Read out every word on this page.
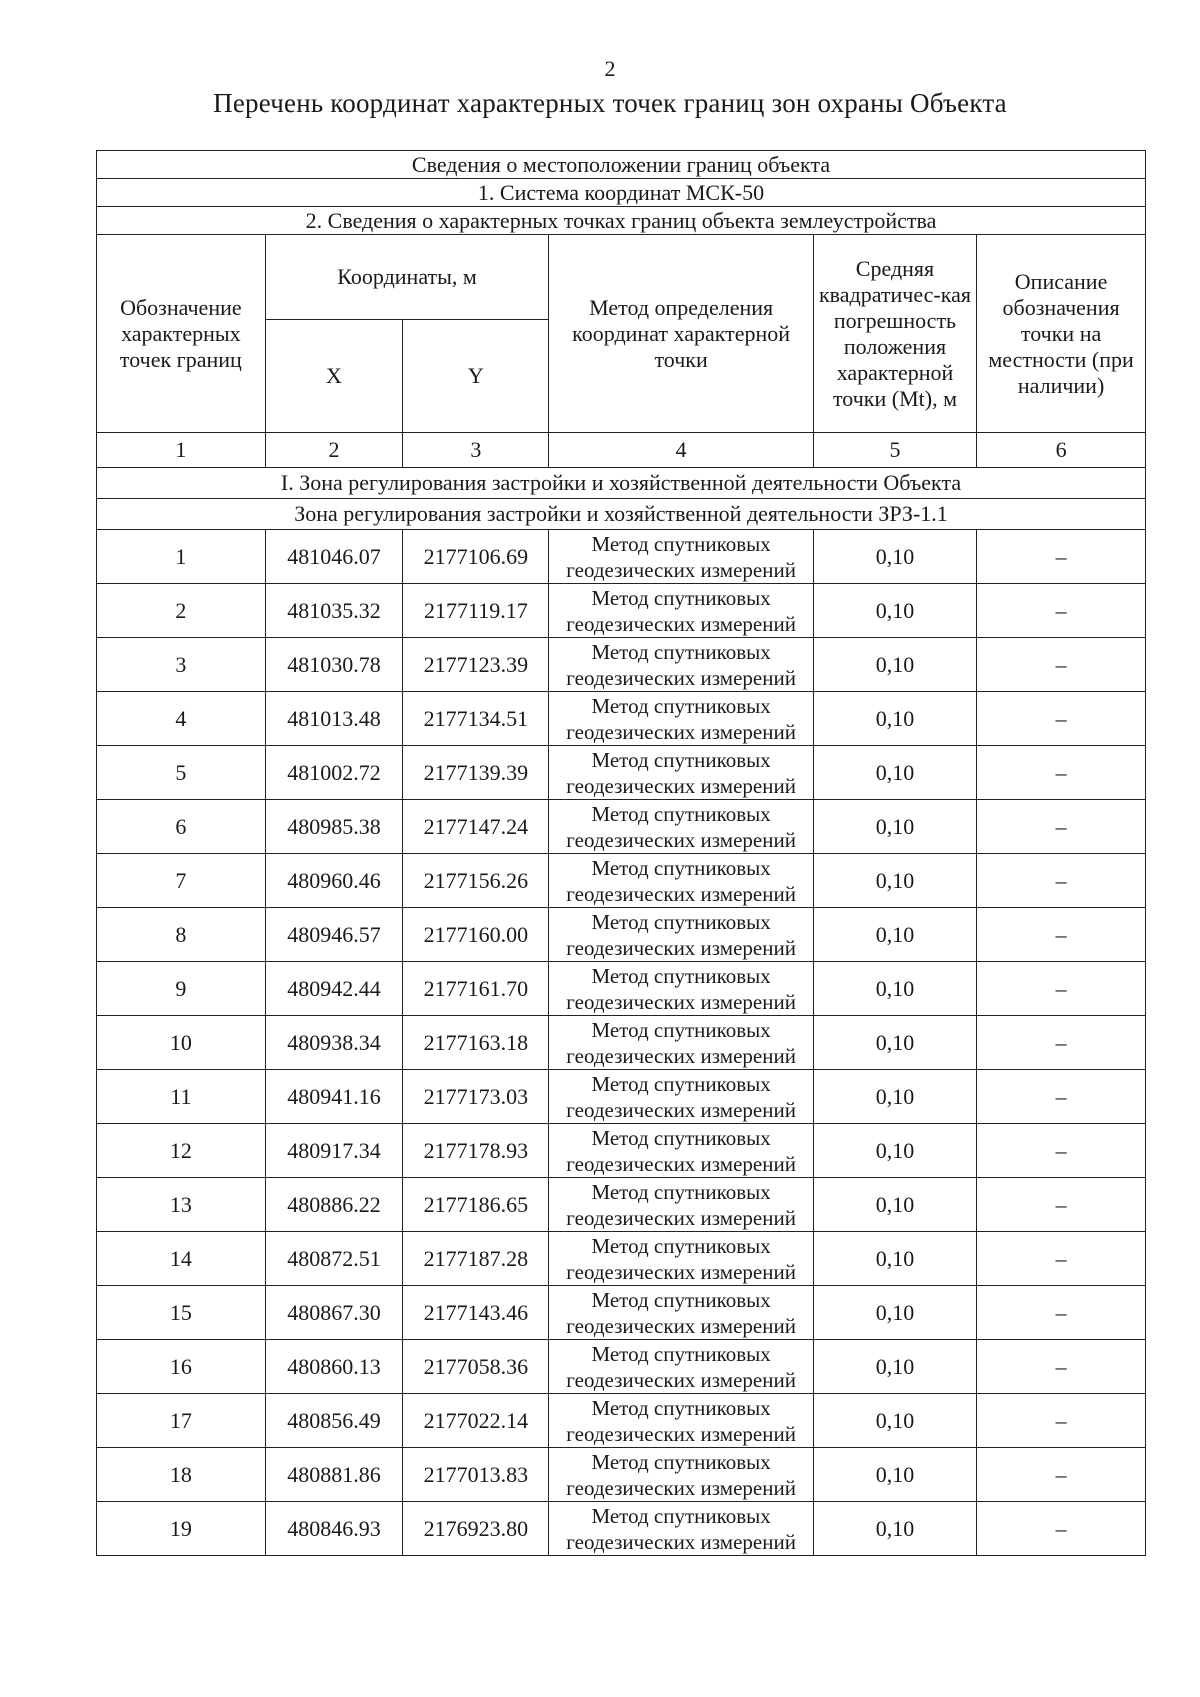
2
Перечень координат характерных точек границ зон охраны Объекта
Сведения о местоположении границ объекта					
1. Система координат МСК-50					
2. Сведения о характерных точках границ объекта землеустройства					
Обозначение характерных точек границ	Координаты, м		Метод определения координат характерной точки	Средняя квадратичес-кая погрешность положения характерной точки (Mt), м	Описание обозначения точки на местности (при наличии)
	X	Y			
1	2	3	4	5	6
I. Зона регулирования застройки и хозяйственной деятельности Объекта					
Зона регулирования застройки и хозяйственной деятельности ЗРЗ-1.1					
1	481046.07	2177106.69	Метод спутниковых
геодезических измерений	0,10	–
2	481035.32	2177119.17	Метод спутниковых
геодезических измерений	0,10	–
3	481030.78	2177123.39	Метод спутниковых
геодезических измерений	0,10	–
4	481013.48	2177134.51	Метод спутниковых
геодезических измерений	0,10	–
5	481002.72	2177139.39	Метод спутниковых
геодезических измерений	0,10	–
6	480985.38	2177147.24	Метод спутниковых
геодезических измерений	0,10	–
7	480960.46	2177156.26	Метод спутниковых
геодезических измерений	0,10	–
8	480946.57	2177160.00	Метод спутниковых
геодезических измерений	0,10	–
9	480942.44	2177161.70	Метод спутниковых
геодезических измерений	0,10	–
10	480938.34	2177163.18	Метод спутниковых
геодезических измерений	0,10	–
11	480941.16	2177173.03	Метод спутниковых
геодезических измерений	0,10	–
12	480917.34	2177178.93	Метод спутниковых
геодезических измерений	0,10	–
13	480886.22	2177186.65	Метод спутниковых
геодезических измерений	0,10	–
14	480872.51	2177187.28	Метод спутниковых
геодезических измерений	0,10	–
15	480867.30	2177143.46	Метод спутниковых
геодезических измерений	0,10	–
16	480860.13	2177058.36	Метод спутниковых
геодезических измерений	0,10	–
17	480856.49	2177022.14	Метод спутниковых
геодезических измерений	0,10	–
18	480881.86	2177013.83	Метод спутниковых
геодезических измерений	0,10	–
19	480846.93	2176923.80	Метод спутниковых
геодезических измерений	0,10	–
